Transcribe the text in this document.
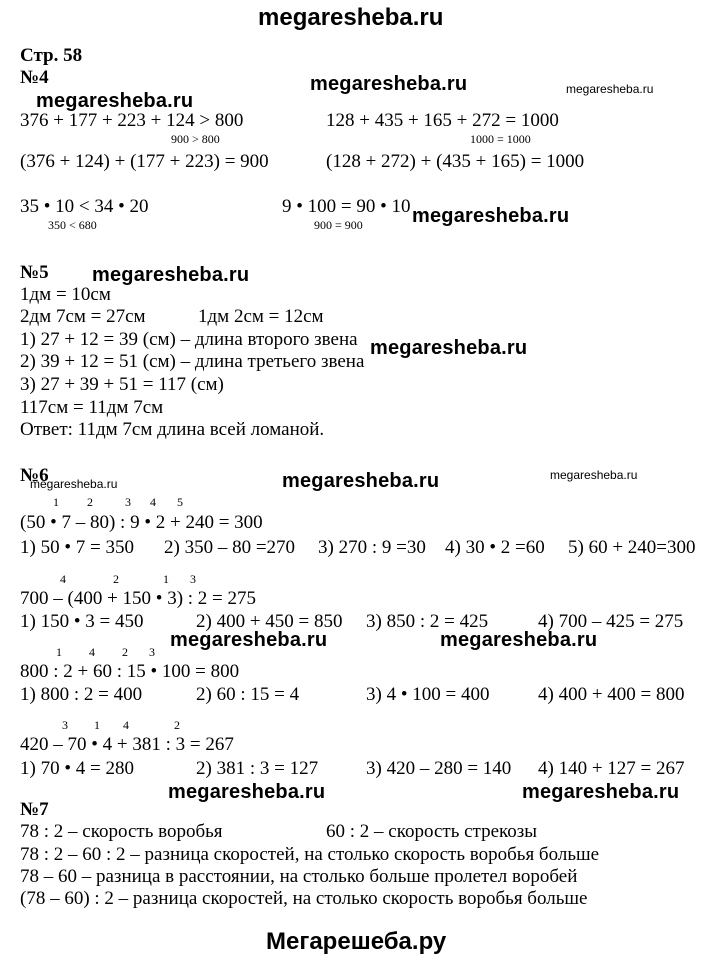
megaresheba.ru
Мегарешеба.ру
Стр. 58
megaresheba.ru	megaresheba.ru
megaresheba.ru
megaresheba.ru
megaresheba.ru
megaresheba.ru
megaresheba.ru	megaresheba.ru	megaresheba.ru
megaresheba.ru	megaresheba.ru
megaresheba.ru	megaresheba.ru
№4
376 + 177 + 223 + 124 > 800
900 > 800
(376 + 124) + (177 + 223) = 900
128 + 435 + 165 + 272 = 1000
1000 = 1000
(128 + 272) + (435 + 165) = 1000
35 • 10 < 34 • 20
350 < 680
9 • 100 = 90 • 10
900 = 900
№5
1дм = 10см
2дм 7см = 27см	1дм 2см = 12см
1) 27 + 12 = 39 (см) – длина второго звена
2) 39 + 12 = 51 (см) – длина третьего звена
3) 27 + 39 + 51 = 117 (см)
117см = 11дм 7см
Ответ: 11дм 7см длина всей ломаной.
№6
1 2	3 4 5
(50 • 7 – 80) : 9 • 2 + 240 = 300
1) 50 • 7 = 350 2) 350 – 80 =270 3) 270 : 9 =30 4) 30 • 2 =60 5) 60 + 240=300
4	2	1 3
700 – (400 + 150 • 3) : 2 = 275
1) 150 • 3 = 450	2) 400 + 450 = 850 3) 850 : 2 = 425	4) 700 – 425 = 275
1 4 2 3
800 : 2 + 60 : 15 • 100 = 800
1) 800 : 2 = 400	2) 60 : 15 = 4	3) 4 • 100 = 400	4) 400 + 400 = 800
3 1 4	2
420 – 70 • 4 + 381 : 3 = 267
1) 70 • 4 = 280	2) 381 : 3 = 127	3) 420 – 280 = 140 4) 140 + 127 = 267
№7
78 : 2 – скорость воробья	60 : 2 – скорость стрекозы
78 : 2 – 60 : 2 – разница скоростей, на столько скорость воробья больше
78 – 60 – разница в расстоянии, на столько больше пролетел воробей
(78 – 60) : 2 – разница скоростей, на столько скорость воробья больше
